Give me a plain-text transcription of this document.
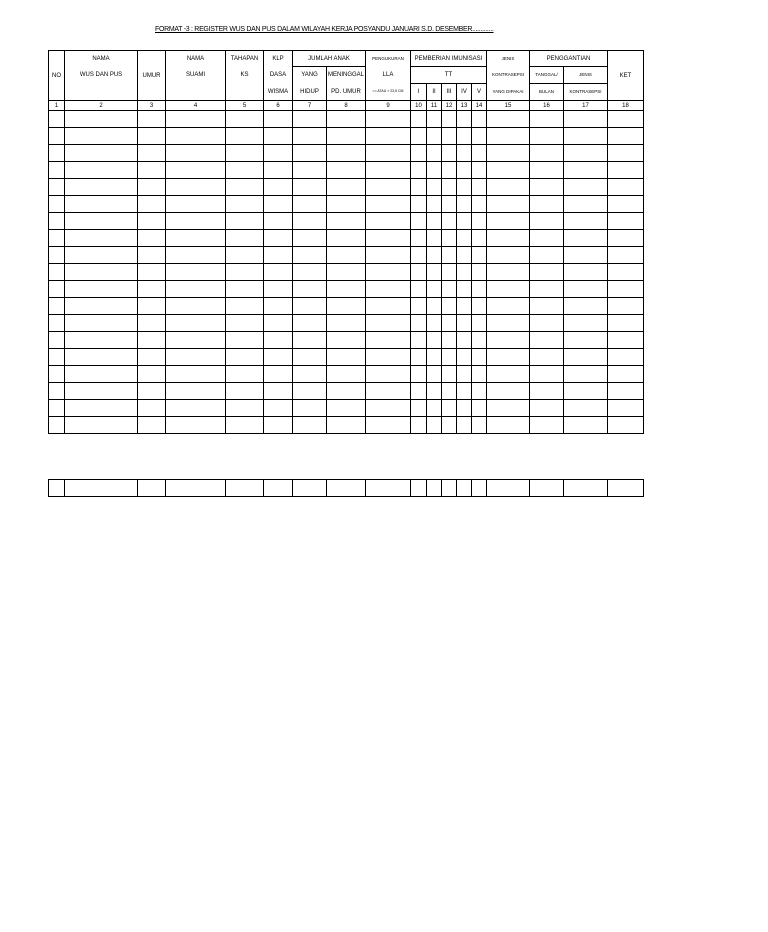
FORMAT -3 : REGISTER WUS DAN PUS DALAM WILAYAH KERJA POSYANDU JANUARI S.D. DESEMBER.............
NO	NAMA	UMUR	NAMA	TAHAPAN	KLP	JUMLAH ANAK		PENGUKURAN	PEMBERIAN IMUNISASI					JENIS	PENGGANTIAN		KET
	WUS DAN PUS		SUAMI	KS	DASA	YANG	MENINGGAL	LLA	TT					KONTRASEPSI	TANGGAL/	JENIS	
					WISMA	HIDUP	PD. UMUR	<= ATAU > 23,5 CM	I	II	III	IV	V	YANG DIPAKAI	BULAN	KONTRASEPSI	
1	2	3	4	5	6	7	8	9	10	11	12	13	14	15	16	17	18
